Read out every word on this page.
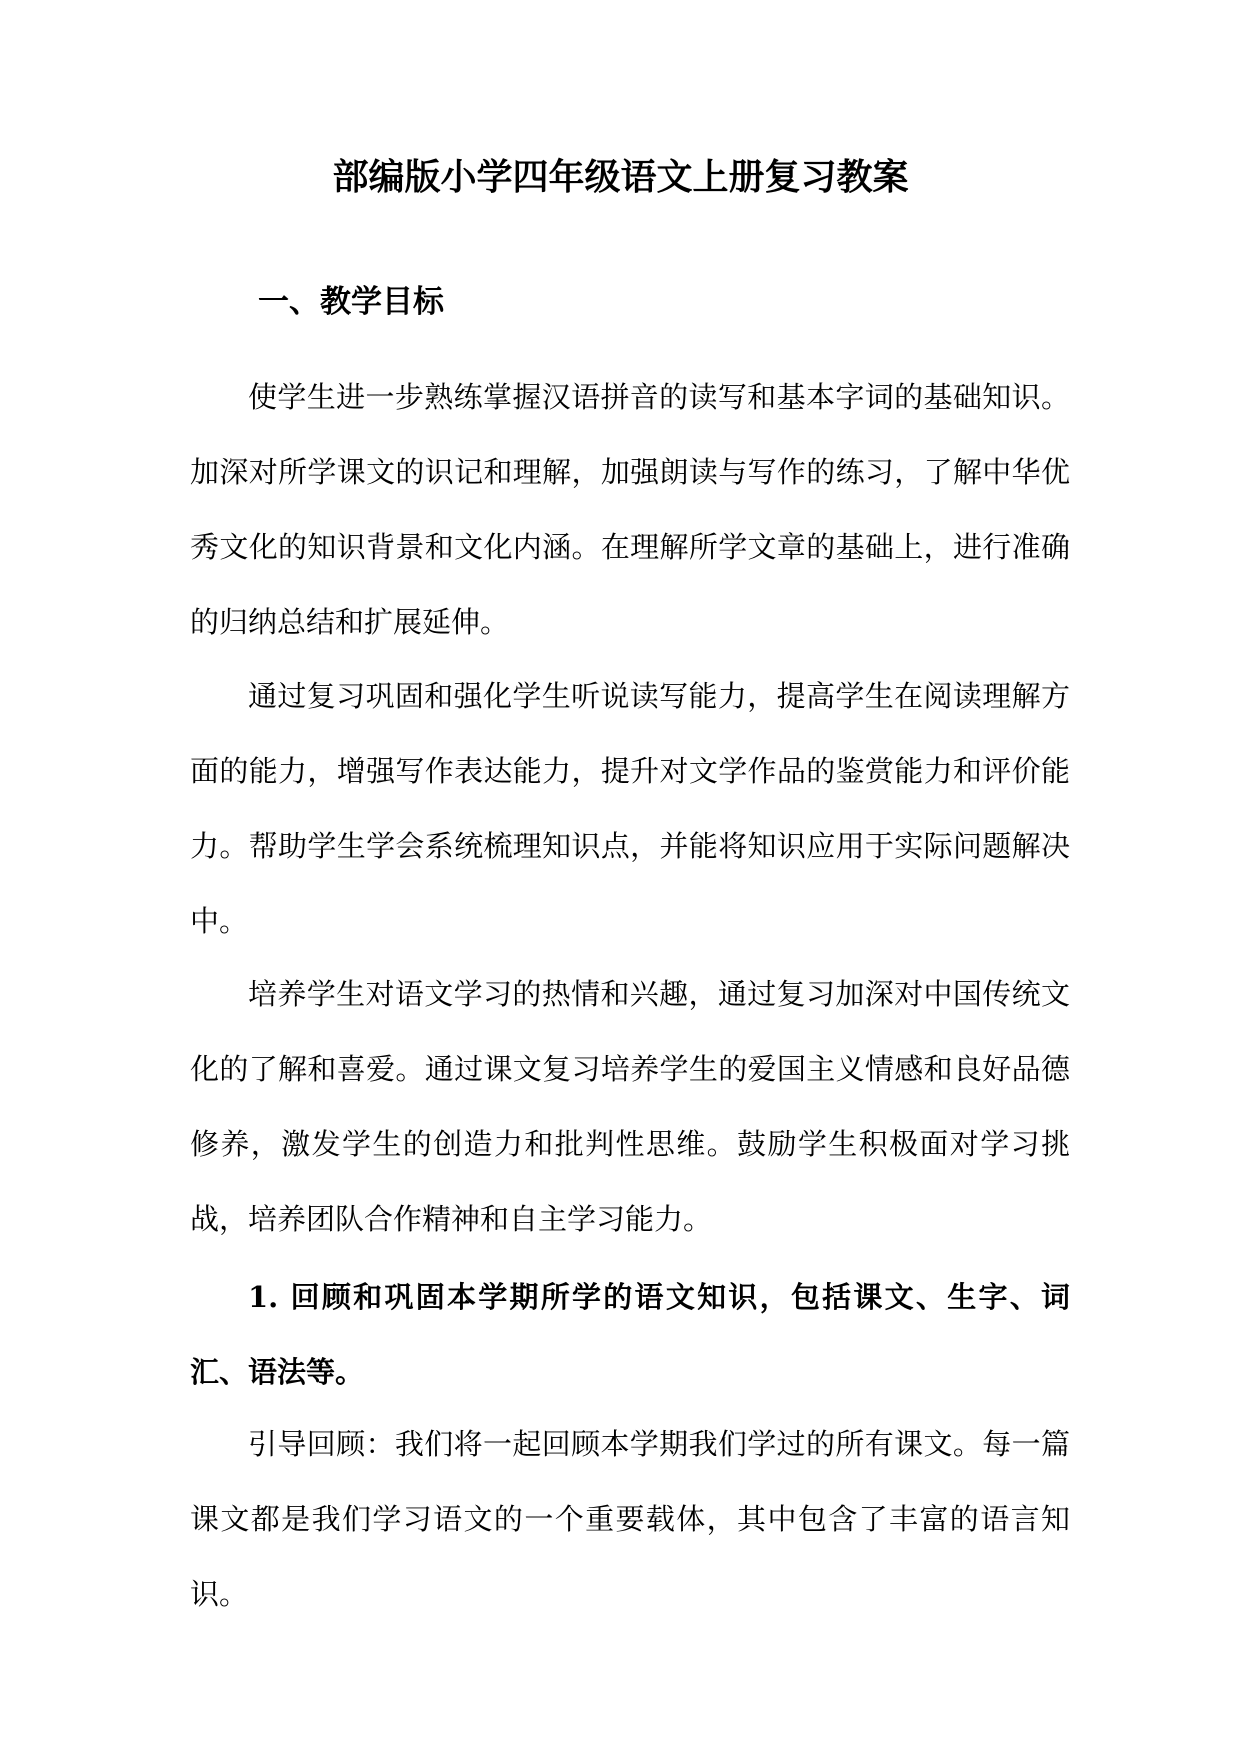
部编版小学四年级语文上册复习教案
一、教学目标
使学生进一步熟练掌握汉语拼音的读写和基本字词的基础知识。加深对所学课文的识记和理解，加强朗读与写作的练习，了解中华优秀文化的知识背景和文化内涵。在理解所学文章的基础上，进行准确的归纳总结和扩展延伸。
通过复习巩固和强化学生听说读写能力，提高学生在阅读理解方面的能力，增强写作表达能力，提升对文学作品的鉴赏能力和评价能力。帮助学生学会系统梳理知识点，并能将知识应用于实际问题解决中。
培养学生对语文学习的热情和兴趣，通过复习加深对中国传统文化的了解和喜爱。通过课文复习培养学生的爱国主义情感和良好品德修养，激发学生的创造力和批判性思维。鼓励学生积极面对学习挑战，培养团队合作精神和自主学习能力。
1. 回顾和巩固本学期所学的语文知识，包括课文、生字、词汇、语法等。
引导回顾：我们将一起回顾本学期我们学过的所有课文。每一篇课文都是我们学习语文的一个重要载体，其中包含了丰富的语言知识。
